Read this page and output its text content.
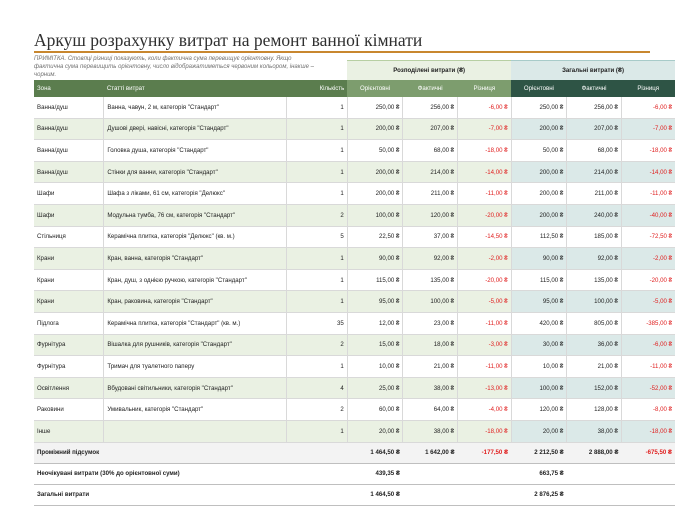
Аркуш розрахунку витрат на ремонт ванної кімнати
ПРИМІТКА. Стовпці різниці показують, коли фактична сума перевищує орієнтовну. Якщо фактична сума перевищить орієнтовну, число відображатиметься червоним кольором, інакше – чорним.
			Розподілені витрати (₴)			Загальні витрати (₴)		
Зона	Статті витрат	Кількість	Орієнтовні	Фактичні	Різниця	Орієнтовні	Фактичні	Різниця
Ванна/душ	Ванна, чавун, 2 м, категорія "Стандарт"	1	250,00 ₴	256,00 ₴	-6,00 ₴	250,00 ₴	256,00 ₴	-6,00 ₴
Ванна/душ	Душові двері, навісні, категорія "Стандарт"	1	200,00 ₴	207,00 ₴	-7,00 ₴	200,00 ₴	207,00 ₴	-7,00 ₴
Ванна/душ	Головка душа, категорія "Стандарт"	1	50,00 ₴	68,00 ₴	-18,00 ₴	50,00 ₴	68,00 ₴	-18,00 ₴
Ванна/душ	Стінки для ванни, категорія "Стандарт"	1	200,00 ₴	214,00 ₴	-14,00 ₴	200,00 ₴	214,00 ₴	-14,00 ₴
Шафи	Шафа з ліками, 61 см, категорія "Делюкс"	1	200,00 ₴	211,00 ₴	-11,00 ₴	200,00 ₴	211,00 ₴	-11,00 ₴
Шафи	Модульна тумба, 76 см, категорія "Стандарт"	2	100,00 ₴	120,00 ₴	-20,00 ₴	200,00 ₴	240,00 ₴	-40,00 ₴
Стільниця	Керамічна плитка, категорія "Делюкс" (кв. м.)	5	22,50 ₴	37,00 ₴	-14,50 ₴	112,50 ₴	185,00 ₴	-72,50 ₴
Крани	Кран, ванна, категорія "Стандарт"	1	90,00 ₴	92,00 ₴	-2,00 ₴	90,00 ₴	92,00 ₴	-2,00 ₴
Крани	Кран, душ, з однією ручкою, категорія "Стандарт"	1	115,00 ₴	135,00 ₴	-20,00 ₴	115,00 ₴	135,00 ₴	-20,00 ₴
Крани	Кран, раковина, категорія "Стандарт"	1	95,00 ₴	100,00 ₴	-5,00 ₴	95,00 ₴	100,00 ₴	-5,00 ₴
Підлога	Керамічна плитка, категорія "Стандарт" (кв. м.)	35	12,00 ₴	23,00 ₴	-11,00 ₴	420,00 ₴	805,00 ₴	-385,00 ₴
Фурнітура	Вішалка для рушників, категорія "Стандарт"	2	15,00 ₴	18,00 ₴	-3,00 ₴	30,00 ₴	36,00 ₴	-6,00 ₴
Фурнітура	Тримач для туалетного паперу	1	10,00 ₴	21,00 ₴	-11,00 ₴	10,00 ₴	21,00 ₴	-11,00 ₴
Освітлення	Вбудовані світильники, категорія "Стандарт"	4	25,00 ₴	38,00 ₴	-13,00 ₴	100,00 ₴	152,00 ₴	-52,00 ₴
Раковини	Умивальник, категорія "Стандарт"	2	60,00 ₴	64,00 ₴	-4,00 ₴	120,00 ₴	128,00 ₴	-8,00 ₴
Інше		1	20,00 ₴	38,00 ₴	-18,00 ₴	20,00 ₴	38,00 ₴	-18,00 ₴
Проміжний підсумок			1 464,50 ₴	1 642,00 ₴	-177,50 ₴	2 212,50 ₴	2 888,00 ₴	-675,50 ₴
Неочікувані витрати (30% до орієнтовної суми)			439,35 ₴			663,75 ₴		
Загальні витрати			1 464,50 ₴			2 876,25 ₴		
